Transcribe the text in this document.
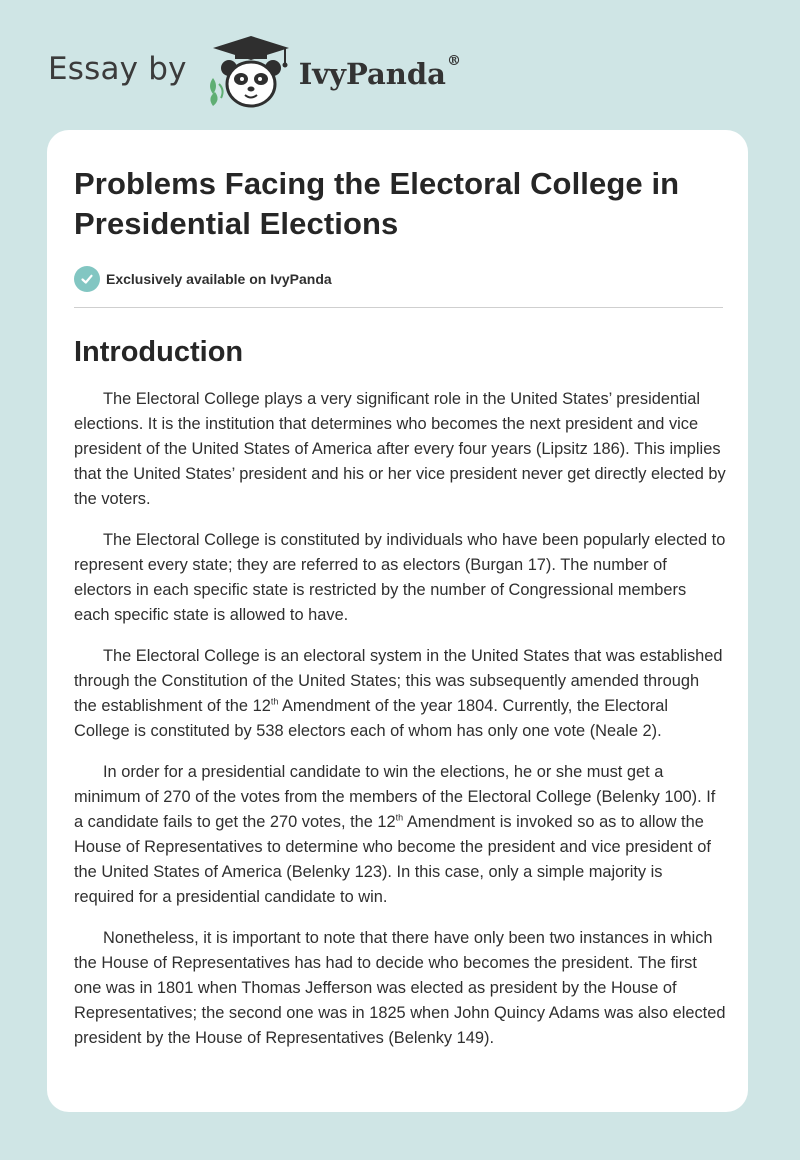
Essay by	IvyPanda®
Problems Facing the Electoral College in Presidential Elections
Exclusively available on IvyPanda
Introduction

The Electoral College plays a very significant role in the United States’ presidential elections. It is the institution that determines who becomes the next president and vice president of the United States of America after every four years (Lipsitz 186). This implies that the United States’ president and his or her vice president never get directly elected by the voters.

The Electoral College is constituted by individuals who have been popularly elected to represent every state; they are referred to as electors (Burgan 17). The number of electors in each specific state is restricted by the number of Congressional members each specific state is allowed to have.

The Electoral College is an electoral system in the United States that was established through the Constitution of the United States; this was subsequently amended through the establishment of the 12th Amendment of the year 1804. Currently, the Electoral College is constituted by 538 electors each of whom has only one vote (Neale 2).

In order for a presidential candidate to win the elections, he or she must get a minimum of 270 of the votes from the members of the Electoral College (Belenky 100). If a candidate fails to get the 270 votes, the 12th Amendment is invoked so as to allow the House of Representatives to determine who become the president and vice president of the United States of America (Belenky 123). In this case, only a simple majority is required for a presidential candidate to win.

Nonetheless, it is important to note that there have only been two instances in which the House of Representatives has had to decide who becomes the president. The first one was in 1801 when Thomas Jefferson was elected as president by the House of Representatives; the second one was in 1825 when John Quincy Adams was also elected president by the House of Representatives (Belenky 149).
